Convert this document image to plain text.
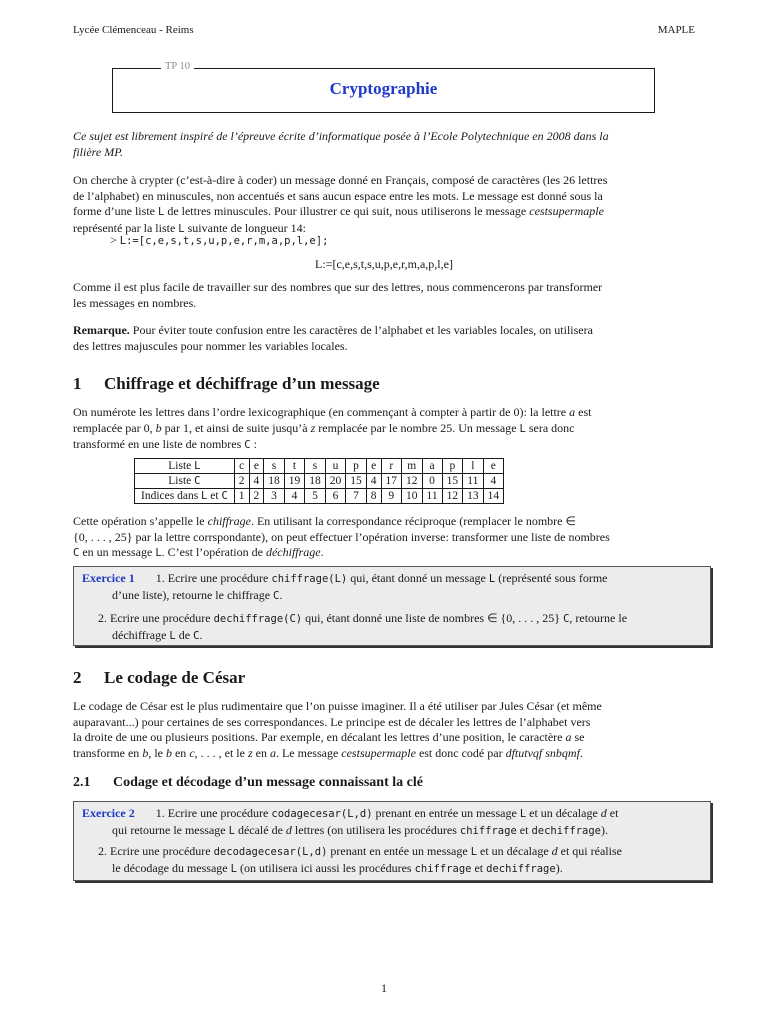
Lycée Clémenceau - Reims	MAPLE
TP 10
Cryptographie
Ce sujet est librement inspiré de l’épreuve écrite d’informatique posée à l’Ecole Polytechnique en 2008 dans la
filière MP.
On cherche à crypter (c’est-à-dire à coder) un message donné en Français, composé de caractères (les 26 lettres
de l’alphabet) en minuscules, non accentués et sans aucun espace entre les mots. Le message est donné sous la
forme d’une liste L de lettres minuscules. Pour illustrer ce qui suit, nous utiliserons le message cestsupermaple
représenté par la liste L suivante de longueur 14:
> L:=[c,e,s,t,s,u,p,e,r,m,a,p,l,e];
L:=[c,e,s,t,s,u,p,e,r,m,a,p,l,e]
Comme il est plus facile de travailler sur des nombres que sur des lettres, nous commencerons par transformer
les messages en nombres.
Remarque. Pour éviter toute confusion entre les caractères de l’alphabet et les variables locales, on utilisera
des lettres majuscules pour nommer les variables locales.
1 Chiffrage et déchiffrage d’un message
On numérote les lettres dans l’ordre lexicographique (en commençant à compter à partir de 0): la lettre a est
remplacée par 0, b par 1, et ainsi de suite jusqu’à z remplacée par le nombre 25. Un message L sera donc
transformé en une liste de nombres C :
Liste L	c	e	s	t	s	u	p	e	r	m	a	p	l	e
Liste C	2	4	18	19	18	20	15	4	17	12	0	15	11	4
Indices dans L et C	1	2	3	4	5	6	7	8	9	10	11	12	13	14
Cette opération s’appelle le chiffrage. En utilisant la correspondance réciproque (remplacer le nombre ∈
{0, . . . , 25} par la lettre corrspondante), on peut effectuer l’opération inverse: transformer une liste de nombres
C en un message L. C’est l’opération de déchiffrage.
Exercice 1 1. Ecrire une procédure chiffrage(L) qui, étant donné un message L (représenté sous forme
d’une liste), retourne le chiffrage C.
2. Ecrire une procédure dechiffrage(C) qui, étant donné une liste de nombres ∈ {0, . . . , 25} C, retourne le
déchiffrage L de C.
2 Le codage de César
Le codage de César est le plus rudimentaire que l’on puisse imaginer. Il a été utiliser par Jules César (et même
auparavant...) pour certaines de ses correspondances. Le principe est de décaler les lettres de l’alphabet vers
la droite de une ou plusieurs positions. Par exemple, en décalant les lettres d’une position, le caractère a se
transforme en b, le b en c, . . . , et le z en a. Le message cestsupermaple est donc codé par dftutvqf snbqmf.
2.1 Codage et décodage d’un message connaissant la clé
Exercice 2 1. Ecrire une procédure codagecesar(L,d) prenant en entrée un message L et un décalage d et
qui retourne le message L décalé de d lettres (on utilisera les procédures chiffrage et dechiffrage).
2. Ecrire une procédure decodagecesar(L,d) prenant en entée un message L et un décalage d et qui réalise
le décodage du message L (on utilisera ici aussi les procédures chiffrage et dechiffrage).
1
